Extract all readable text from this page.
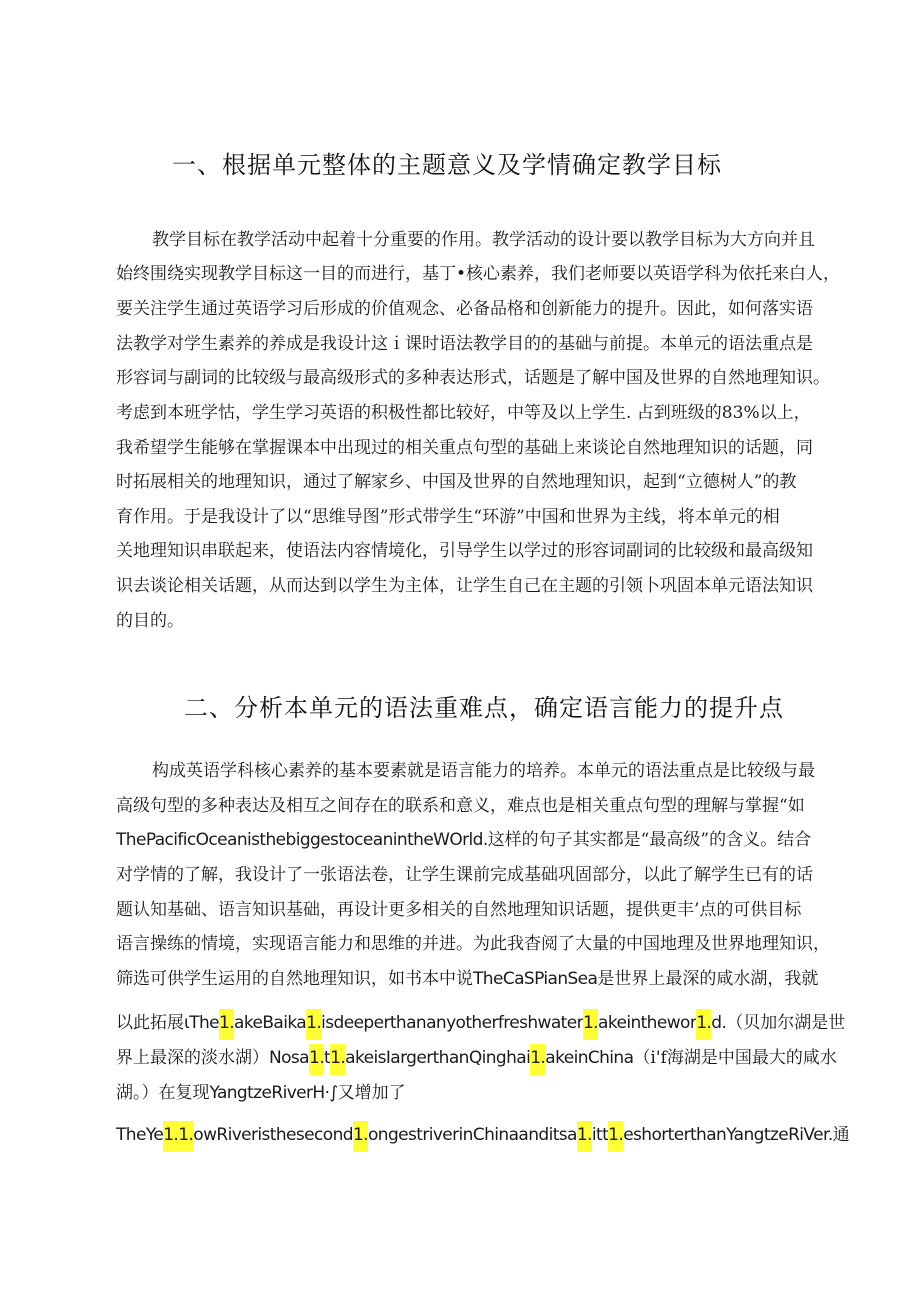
一、根据单元整体的主题意义及学情确定教学目标

教学目标在教学活动中起着十分重要的作用。教学活动的设计要以教学目标为大方向并且

始终围绕实现教学目标这一目的而进行，基丁•核心素养，我们老师要以英语学科为依托来白人，

要关注学生通过英语学习后形成的价值观念、必备品格和创新能力的提升。因此，如何落实语

法教学对学生素养的养成是我设计这ｉ课时语法教学目的的基础与前提。本单元的语法重点是

形容词与副词的比较级与最高级形式的多种表达形式，话题是了解中国及世界的自然地理知识。

考虑到本班学怙，学生学习英语的积极性都比较好，中等及以上学生. 占到班级的83%以上，

我希望学生能够在掌握课本中出现过的相关重点句型的基础上来谈论自然地理知识的话题，同

时拓展相关的地理知识，通过了解家乡、中国及世界的自然地理知识，起到“立德树人”的教

育作用。于是我设计了以“思维导图”形式带学生“环游”中国和世界为主线，将本单元的相

关地理知识串联起来，使语法内容情境化，引导学生以学过的形容词副词的比较级和最高级知

识去谈论相关话题，从而达到以学生为主体，让学生自己在主题的引领卜巩固本单元语法知识

的目的。

二、分析本单元的语法重难点，确定语言能力的提升点

构成英语学科核心素养的基本要素就是语言能力的培养。本单元的语法重点是比较级与最

高级句型的多种表达及相互之间存在的联系和意义，难点也是相关重点句型的理解与掌握“如

ThePacificOceanisthebiggestoceanintheWOrld.这样的句子其实都是“最高级”的含义。结合

对学情的了解，我设计了一张语法卷，让学生课前完成基础巩固部分，以此了解学生已有的话

题认知基础、语言知识基础，再设计更多相关的自然地理知识话题，提供更丰’点的可供目标

语言操练的情境，实现语言能力和思维的并进。为此我杳阅了大量的中国地理及世界地理知识，

筛选可供学生运用的自然地理知识，如书本中说TheCaSPianSea是世界上最深的咸水湖，我就

以此拓展ιThe1.akeBaika1.isdeeperthananyotherfreshwater1.akeinthewor1.d.（贝加尔湖是世

界上最深的淡水湖）Nosa1.t1.akeisIargerthanQinghai1.akeinChina（i'f海湖是中国最大的咸水

湖。）在复现YangtzeRiverH·∫又增加了

TheYe1.1.owRiveristhesecond1.ongestriverinChinaanditsa1.itt1.eshorterthanYangtzeRiVer.通
